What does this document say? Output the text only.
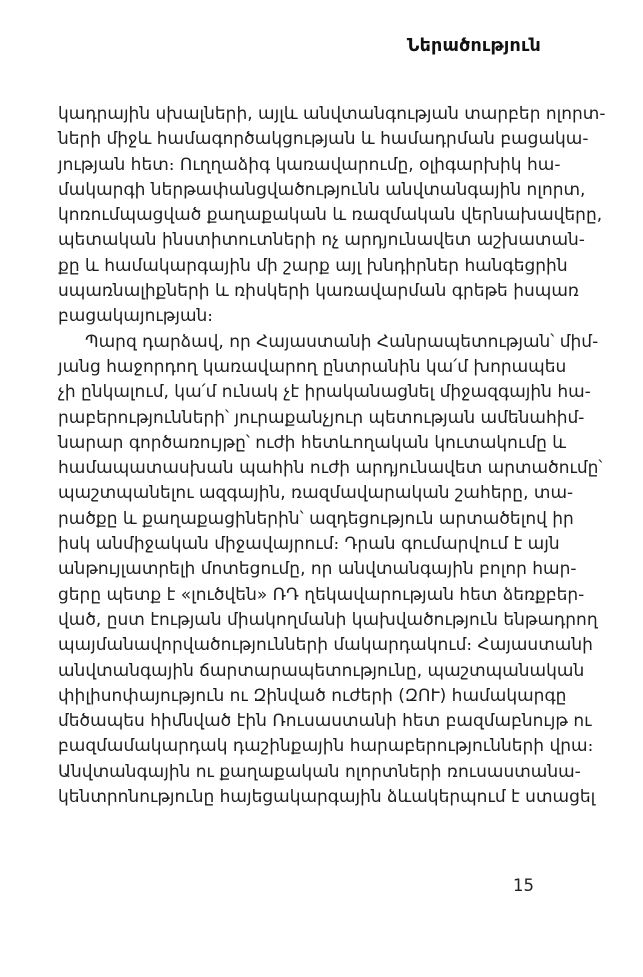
Ներածություն
կադրային սխալների, այլև անվտանգության տարբեր ոլորտ-
ների միջև համագործակցության և համադրման բացակա-
յության հետ։ Ուղղաձիգ կառավարումը, օլիգարխիկ հա-
մակարգի ներթափանցվածությունն անվտանգային ոլորտ,
կոռումպացված քաղաքական և ռազմական վերնախավերը,
պետական ինստիտուտների ոչ արդյունավետ աշխատան-
քը և համակարգային մի շարք այլ խնդիրներ հանգեցրին
սպառնալիքների և ռիսկերի կառավարման գրեթե իսպառ
բացակայության։
Պարզ դարձավ, որ Հայաստանի Հանրապետության՝ միմ-
յանց հաջորդող կառավարող ընտրանին կա՛մ խորապես
չի ընկալում, կա՛մ ունակ չէ իրականացնել միջազգային հա-
րաբերությունների՝ յուրաքանչյուր պետության ամենահիմ-
նարար գործառույթը՝ ուժի հետևողական կուտակումը և
համապատասխան պահին ուժի արդյունավետ արտածումը՝
պաշտպանելու ազգային, ռազմավարական շահերը, տա-
րածքը և քաղաքացիներին՝ ազդեցություն արտածելով իր
իսկ անմիջական միջավայրում։ Դրան գումարվում է այն
անթույլատրելի մոտեցումը, որ անվտանգային բոլոր հար-
ցերը պետք է «լուծվեն» ՌԴ ղեկավարության հետ ձեռքբեր-
ված, ըստ էության միակողմանի կախվածություն ենթադրող
պայմանավորվածությունների մակարդակում։ Հայաստանի
անվտանգային ճարտարապետությունը, պաշտպանական
փիլիսոփայություն ու Զինված ուժերի (ԶՈՒ) համակարգը
մեծապես հիմնված էին Ռուսաստանի հետ բազմաբնույթ ու
բազմամակարդակ դաշինքային հարաբերությունների վրա։
Անվտանգային ու քաղաքական ոլորտների ռուսաստանա-
կենտրոնությունը հայեցակարգային ձևակերպում է ստացել
15
